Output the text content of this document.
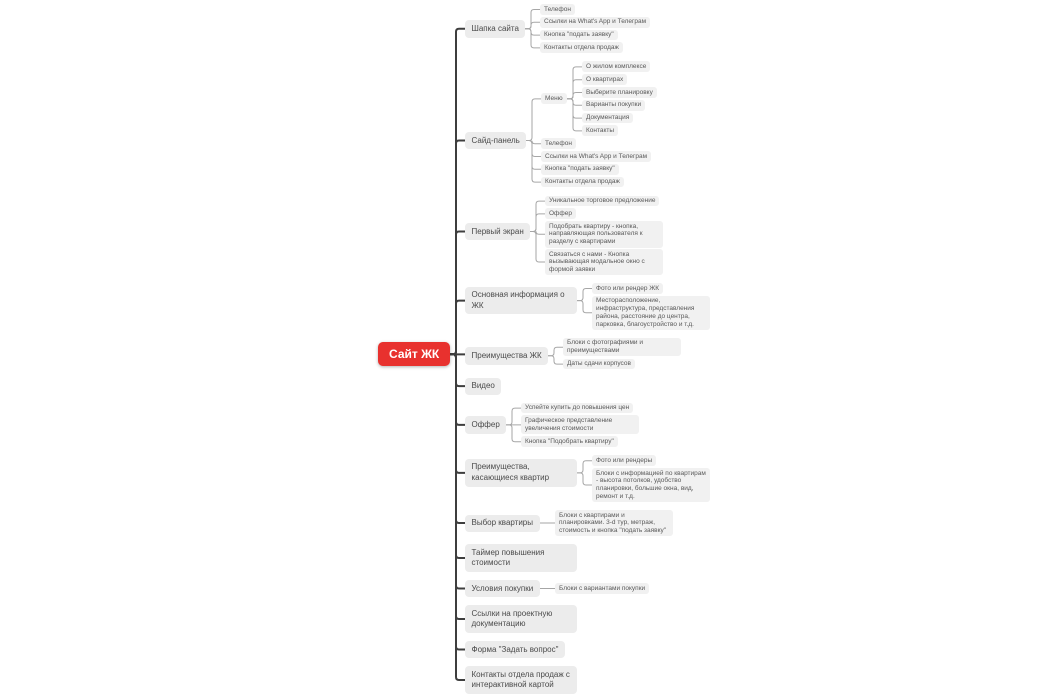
Сайт ЖК
Шапка сайта
Телефон
Ссылки на What's App и Телеграм
Кнопка "подать заявку"
Контакты отдела продаж
Сайд-панель
Меню
О жилом комплексе
О квартирах
Выберите планировку
Варианты покупки
Документация
Контакты
Телефон
Ссылки на What's App и Телеграм
Кнопка "подать заявку"
Контакты отдела продаж
Первый экран
Уникальное торговое предложение
Оффер
Подобрать квартиру - кнопка, направляющая пользователя к разделу с квартирами
Связаться с нами - Кнопка вызывающая модальное окно с формой заявки
Основная информация о ЖК
Фото или рендер ЖК
Месторасположение, инфраструктура, представления района, расстояние до центра, парковка, благоустройство и т.д.
Преимущества ЖК
Блоки с фотографиями и преимуществами
Даты сдачи корпусов
Видео
Оффер
Успейте купить до повышения цен
Графическое представление увеличения стоимости
Кнопка "Подобрать квартиру"
Преимущества, касающиеся квартир
Фото или рендеры
Блоки с информацией по квартирам - высота потолков, удобство планировки, большие окна, вид, ремонт и т.д.
Выбор квартиры
Блоки с квартирами и планировками. 3-d тур, метраж, стоимость и кнопка "подать заявку"
Таймер повышения стоимости
Условия покупки	Блоки с вариантами покупки
Ссылки на проектную документацию
Форма "Задать вопрос"
Контакты отдела продаж с интерактивной картой
